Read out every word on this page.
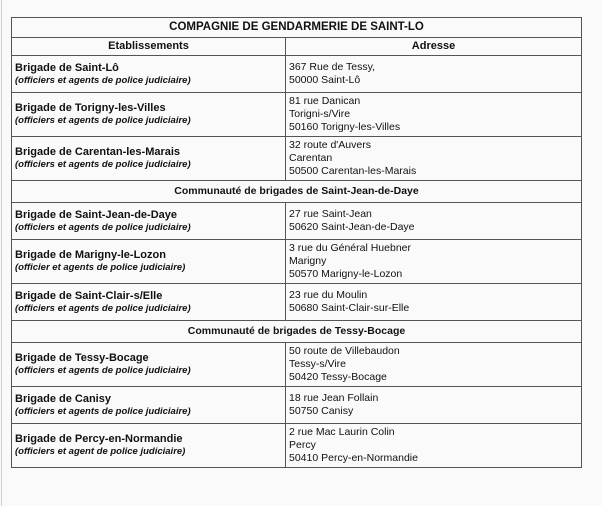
COMPAGNIE DE GENDARMERIE DE SAINT-LO	
Etablissements	Adresse

Brigade de Saint-Lô
(officiers et agents de police judiciaire)	367 Rue de Tessy,
50000 Saint-Lô

Brigade de Torigny-les-Villes
(officiers et agents de police judiciaire)	81 rue Danican
Torigni-s/Vire
50160 Torigny-les-Villes

Brigade de Carentan-les-Marais
(officiers et agents de police judiciaire)	32 route d'Auvers
Carentan
50500 Carentan-les-Marais

Communauté de brigades de Saint-Jean-de-Daye	

Brigade de Saint-Jean-de-Daye
(officiers et agents de police judiciaire)	27 rue Saint-Jean
50620 Saint-Jean-de-Daye

Brigade de Marigny-le-Lozon
(officier et agents de police judiciaire)	3 rue du Général Huebner
Marigny
50570 Marigny-le-Lozon

Brigade de Saint-Clair-s/Elle
(officiers et agents de police judiciaire)	23 rue du Moulin
50680 Saint-Clair-sur-Elle

Communauté de brigades de Tessy-Bocage	

Brigade de Tessy-Bocage
(officiers et agents de police judiciaire)	50 route de Villebaudon
Tessy-s/Vire
50420 Tessy-Bocage

Brigade de Canisy
(officiers et agents de police judiciaire)	18 rue Jean Follain
50750 Canisy

Brigade de Percy-en-Normandie
(officiers et agent de police judiciaire)	2 rue Mac Laurin Colin
Percy
50410 Percy-en-Normandie
